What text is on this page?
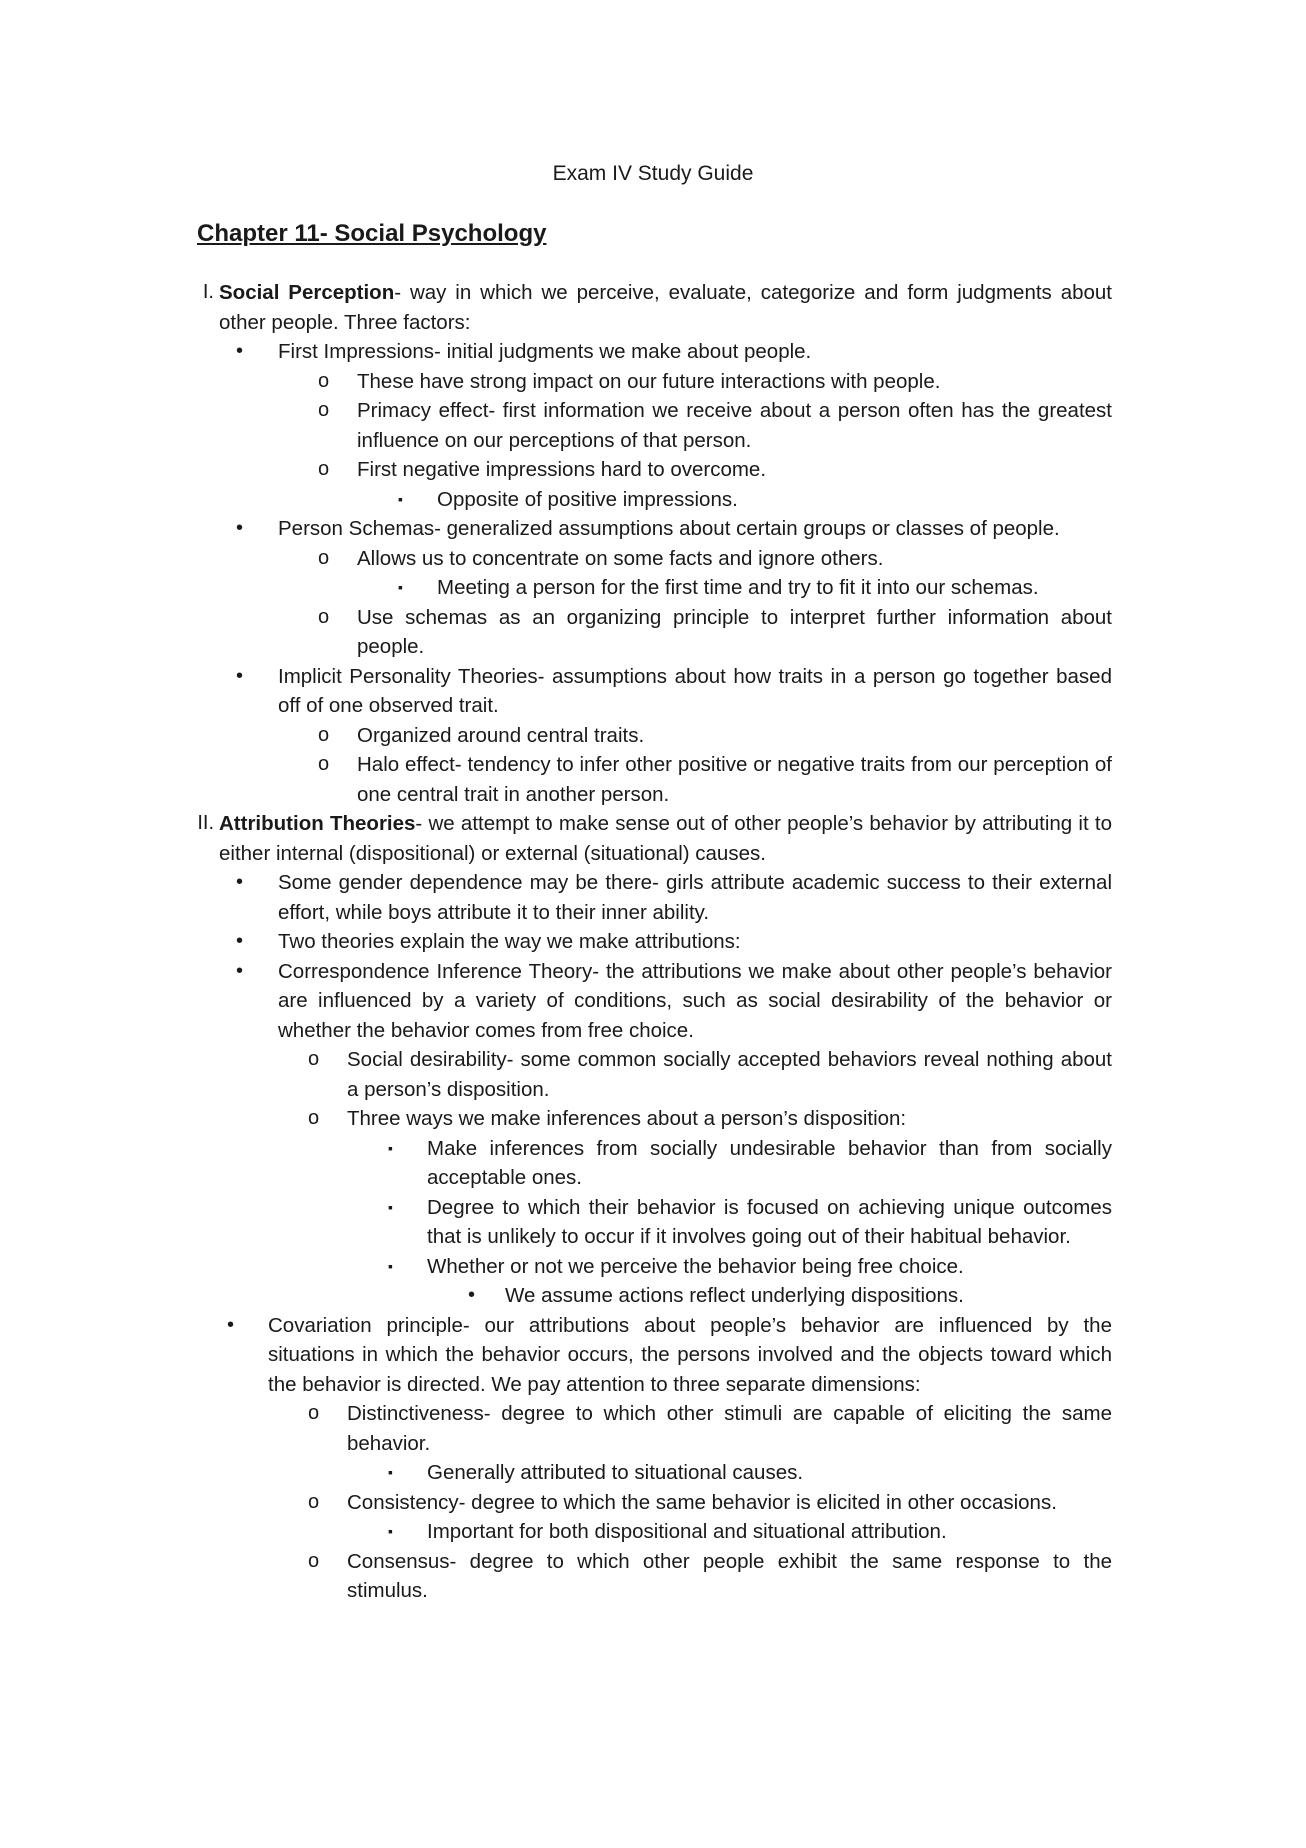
Exam IV Study Guide
Chapter 11- Social Psychology
I. Social Perception- way in which we perceive, evaluate, categorize and form judgments about other people. Three factors:
• First Impressions- initial judgments we make about people.
o These have strong impact on our future interactions with people.
o Primacy effect- first information we receive about a person often has the greatest influence on our perceptions of that person.
o First negative impressions hard to overcome.
▪ Opposite of positive impressions.
• Person Schemas- generalized assumptions about certain groups or classes of people.
o Allows us to concentrate on some facts and ignore others.
▪ Meeting a person for the first time and try to fit it into our schemas.
o Use schemas as an organizing principle to interpret further information about people.
• Implicit Personality Theories- assumptions about how traits in a person go together based off of one observed trait.
o Organized around central traits.
o Halo effect- tendency to infer other positive or negative traits from our perception of one central trait in another person.
II. Attribution Theories- we attempt to make sense out of other people’s behavior by attributing it to either internal (dispositional) or external (situational) causes.
• Some gender dependence may be there- girls attribute academic success to their external effort, while boys attribute it to their inner ability.
• Two theories explain the way we make attributions:
• Correspondence Inference Theory- the attributions we make about other people’s behavior are influenced by a variety of conditions, such as social desirability of the behavior or whether the behavior comes from free choice.
o Social desirability- some common socially accepted behaviors reveal nothing about a person’s disposition.
o Three ways we make inferences about a person’s disposition:
▪ Make inferences from socially undesirable behavior than from socially acceptable ones.
▪ Degree to which their behavior is focused on achieving unique outcomes that is unlikely to occur if it involves going out of their habitual behavior.
▪ Whether or not we perceive the behavior being free choice.
• We assume actions reflect underlying dispositions.
• Covariation principle- our attributions about people’s behavior are influenced by the situations in which the behavior occurs, the persons involved and the objects toward which the behavior is directed. We pay attention to three separate dimensions:
o Distinctiveness- degree to which other stimuli are capable of eliciting the same behavior.
▪ Generally attributed to situational causes.
o Consistency- degree to which the same behavior is elicited in other occasions.
▪ Important for both dispositional and situational attribution.
o Consensus- degree to which other people exhibit the same response to the stimulus.
